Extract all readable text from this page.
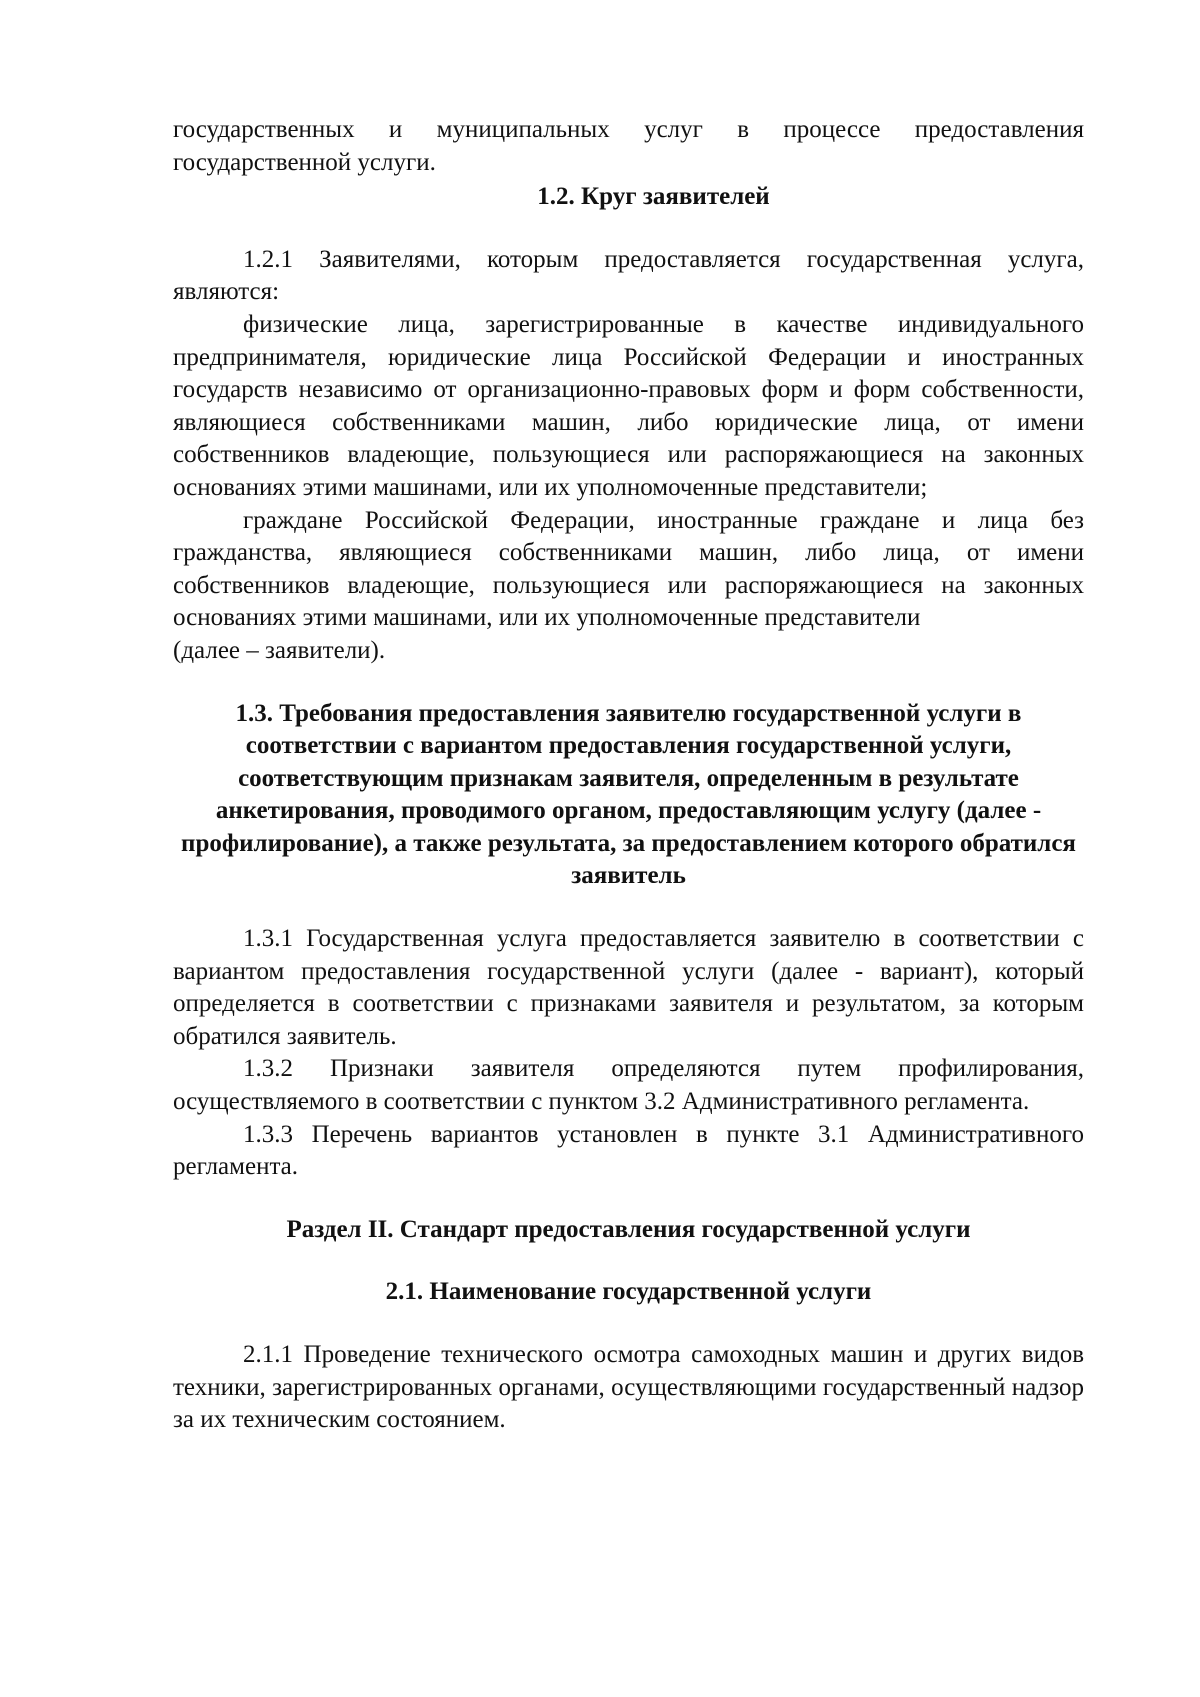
государственных и муниципальных услуг в процессе предоставления государственной услуги.

1.2. Круг заявителей

1.2.1 Заявителями, которым предоставляется государственная услуга, являются:

физические лица, зарегистрированные в качестве индивидуального предпринимателя, юридические лица Российской Федерации и иностранных государств независимо от организационно-правовых форм и форм собственности, являющиеся собственниками машин, либо юридические лица, от имени собственников владеющие, пользующиеся или распоряжающиеся на законных основаниях этими машинами, или их уполномоченные представители;

граждане Российской Федерации, иностранные граждане и лица без гражданства, являющиеся собственниками машин, либо лица, от имени собственников владеющие, пользующиеся или распоряжающиеся на законных основаниях этими машинами, или их уполномоченные представители

(далее – заявители).

1.3. Требования предоставления заявителю государственной услуги в соответствии с вариантом предоставления государственной услуги, соответствующим признакам заявителя, определенным в результате анкетирования, проводимого органом, предоставляющим услугу (далее - профилирование), а также результата, за предоставлением которого обратился заявитель

1.3.1 Государственная услуга предоставляется заявителю в соответствии с вариантом предоставления государственной услуги (далее - вариант), который определяется в соответствии с признаками заявителя и результатом, за которым обратился заявитель.

1.3.2 Признаки заявителя определяются путем профилирования, осуществляемого в соответствии с пунктом 3.2 Административного регламента.

1.3.3 Перечень вариантов установлен в пункте 3.1 Административного регламента.

Раздел II. Стандарт предоставления государственной услуги
2.1. Наименование государственной услуги

2.1.1 Проведение технического осмотра самоходных машин и других видов техники, зарегистрированных органами, осуществляющими государственный надзор за их техническим состоянием.
